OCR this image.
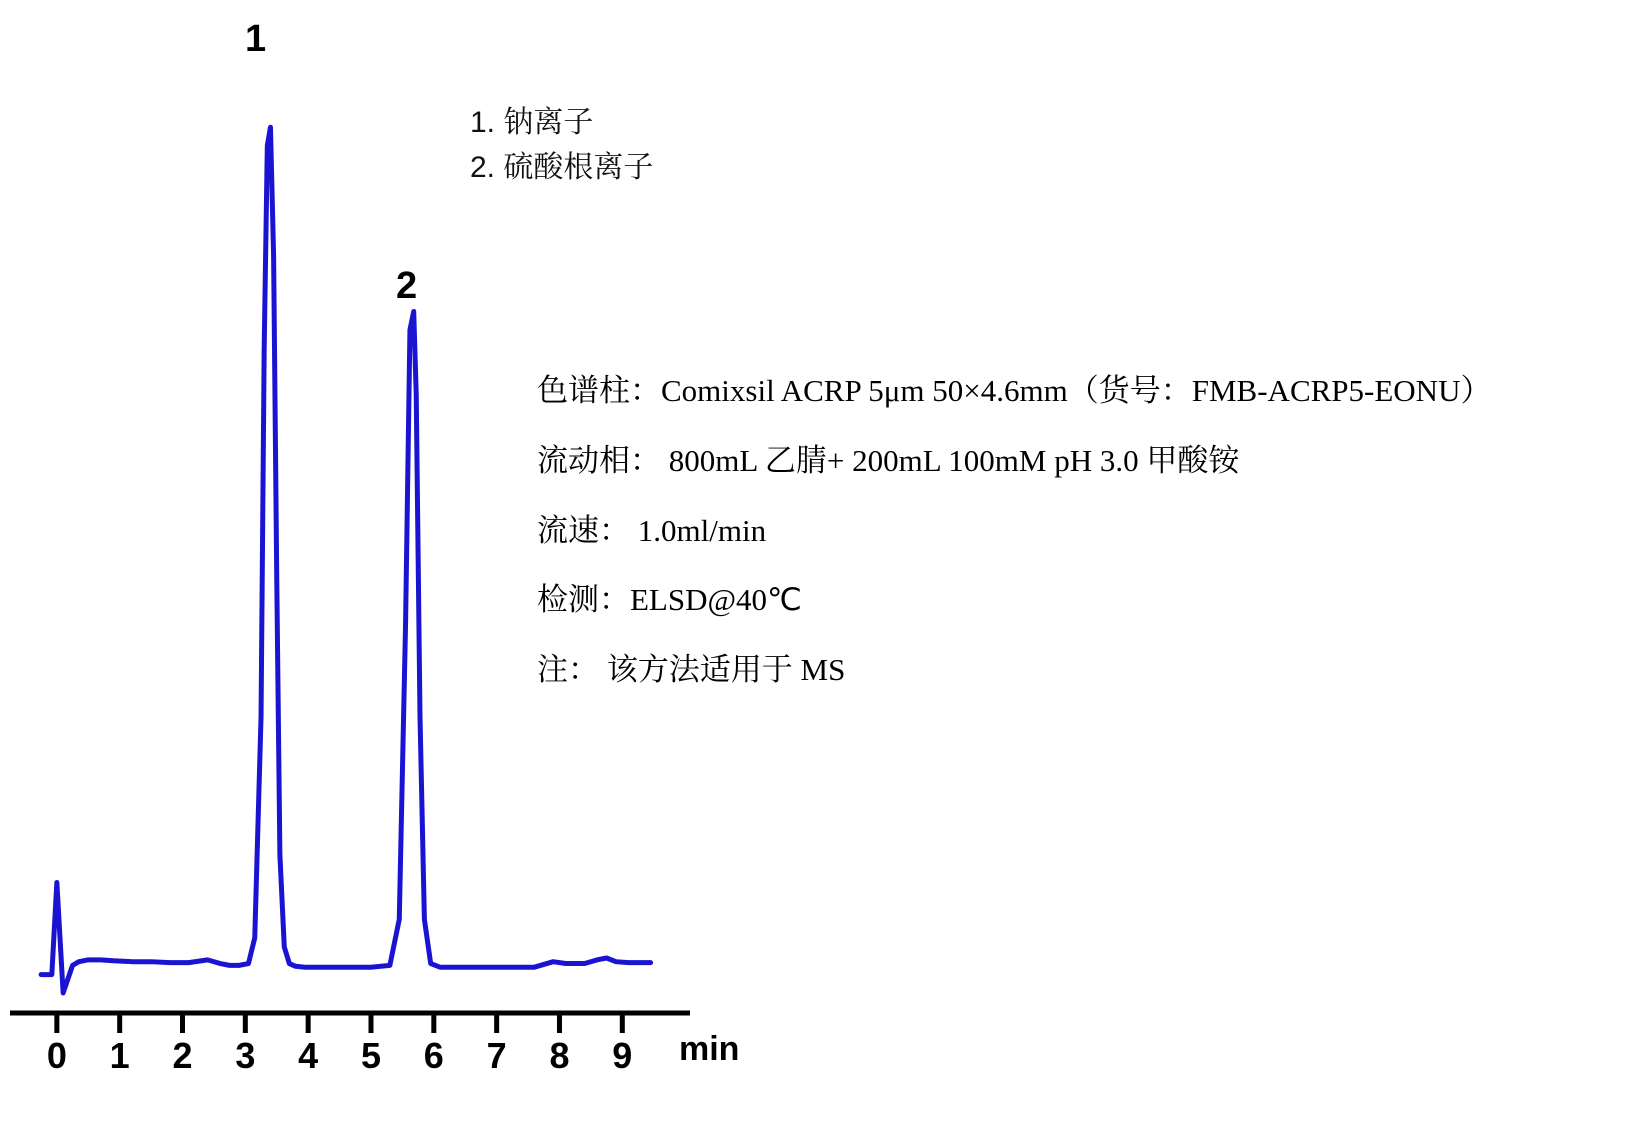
1
2
0 1 2 3 4 5 6 7 8 9 min
1. 钠离子
2. 硫酸根离子
色谱柱：Comixsil ACRP 5μm 50×4.6mm（货号：FMB-ACRP5-EONU）
流动相： 800mL 乙腈+ 200mL 100mM pH 3.0 甲酸铵
流速： 1.0ml/min
检测：ELSD@40℃
注： 该方法适用于 MS
